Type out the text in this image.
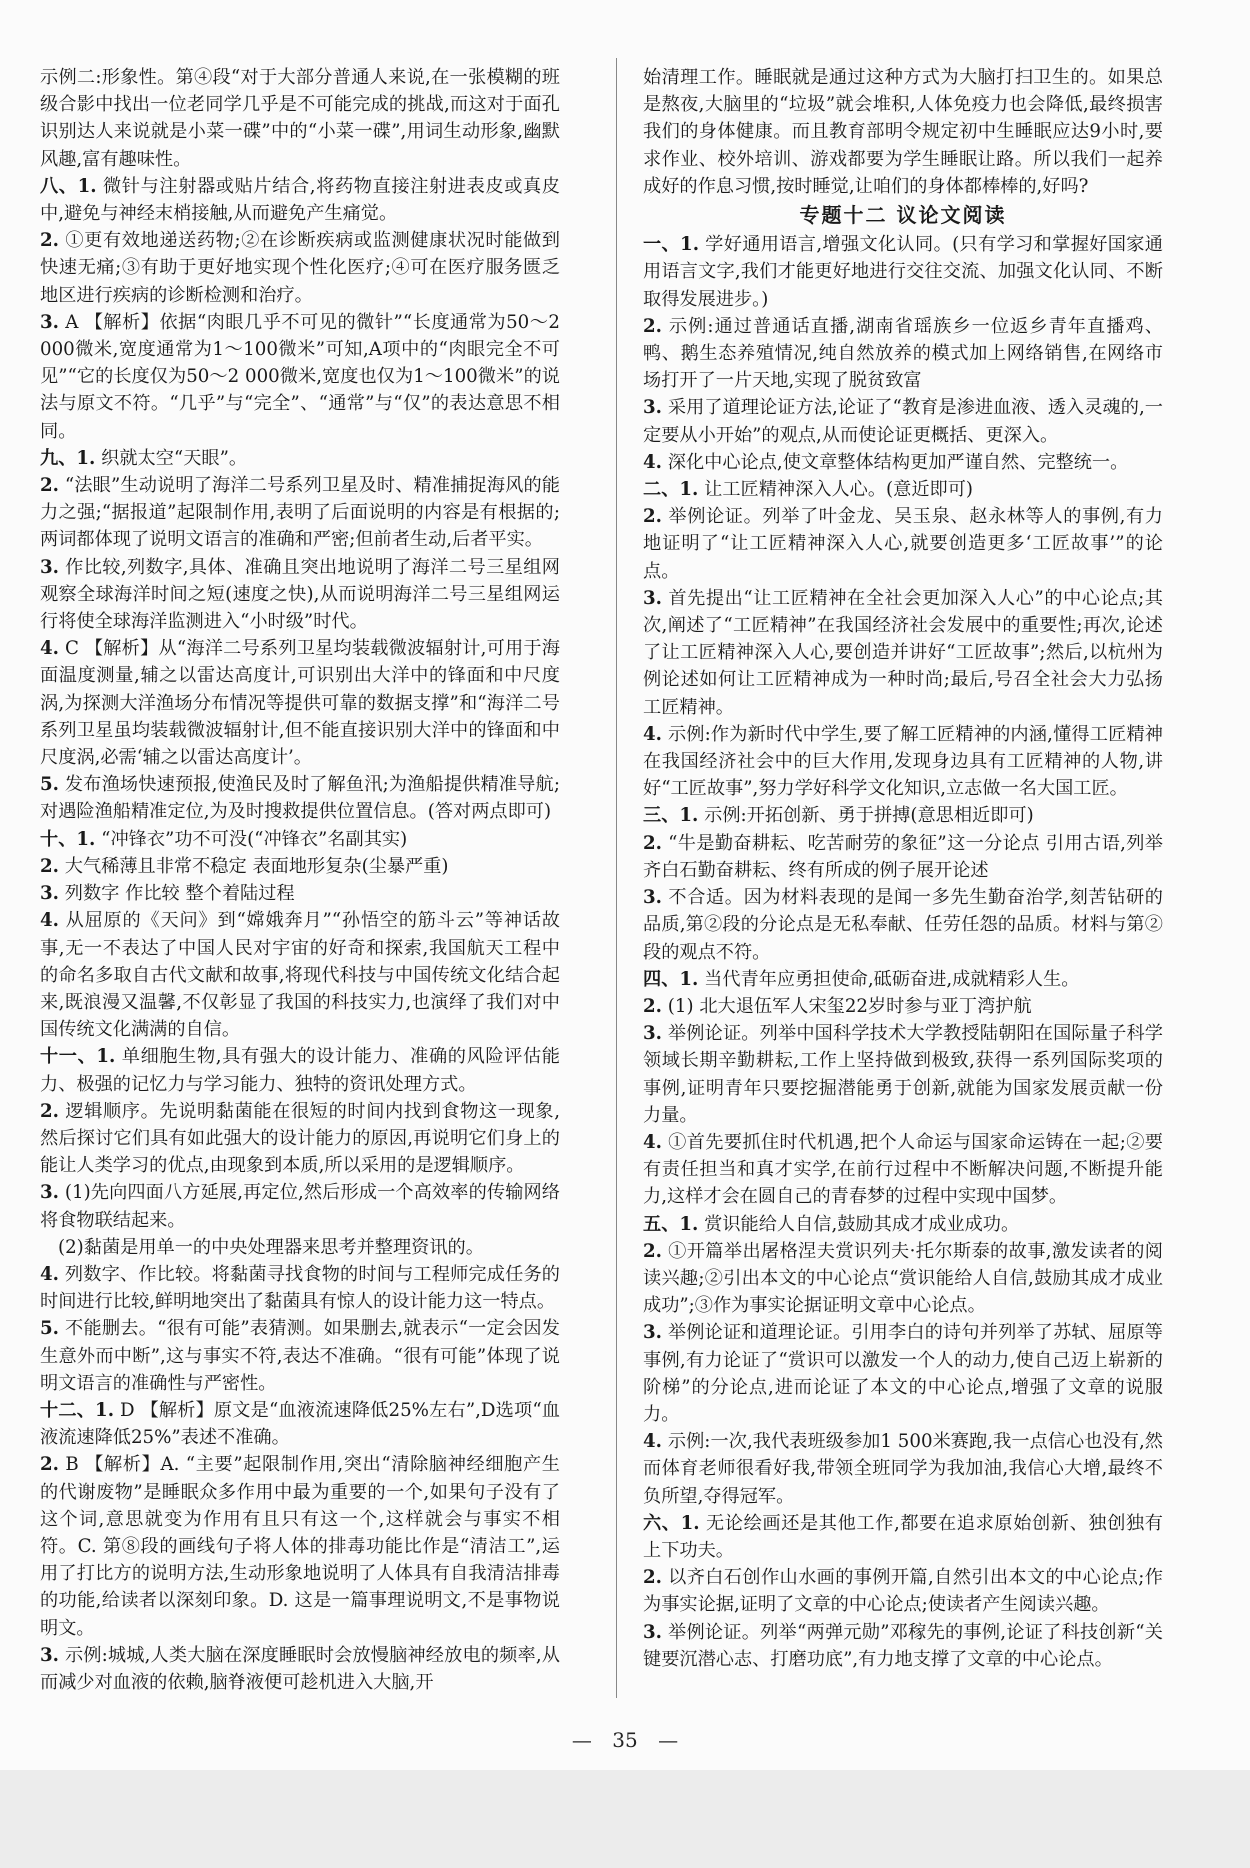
示例二:形象性。第④段“对于大部分普通人来说,在一张模糊的班级合影中找出一位老同学几乎是不可能完成的挑战,而这对于面孔识别达人来说就是小菜一碟”中的“小菜一碟”,用词生动形象,幽默风趣,富有趣味性。

八、1. 微针与注射器或贴片结合,将药物直接注射进表皮或真皮中,避免与神经末梢接触,从而避免产生痛觉。

2. ①更有效地递送药物;②在诊断疾病或监测健康状况时能做到快速无痛;③有助于更好地实现个性化医疗;④可在医疗服务匮乏地区进行疾病的诊断检测和治疗。

3. A 【解析】依据“肉眼几乎不可见的微针”“长度通常为50～2 000微米,宽度通常为1～100微米”可知,A项中的“肉眼完全不可见”“它的长度仅为50～2 000微米,宽度也仅为1～100微米”的说法与原文不符。“几乎”与“完全”、“通常”与“仅”的表达意思不相同。

九、1. 织就太空“天眼”。

2. “法眼”生动说明了海洋二号系列卫星及时、精准捕捉海风的能力之强;“据报道”起限制作用,表明了后面说明的内容是有根据的;两词都体现了说明文语言的准确和严密;但前者生动,后者平实。

3. 作比较,列数字,具体、准确且突出地说明了海洋二号三星组网观察全球海洋时间之短(速度之快),从而说明海洋二号三星组网运行将使全球海洋监测进入“小时级”时代。

4. C 【解析】从“海洋二号系列卫星均装载微波辐射计,可用于海面温度测量,辅之以雷达高度计,可识别出大洋中的锋面和中尺度涡,为探测大洋渔场分布情况等提供可靠的数据支撑”和“海洋二号系列卫星虽均装载微波辐射计,但不能直接识别大洋中的锋面和中尺度涡,必需‘辅之以雷达高度计’。

5. 发布渔场快速预报,使渔民及时了解鱼汛;为渔船提供精准导航;对遇险渔船精准定位,为及时搜救提供位置信息。(答对两点即可)

十、1. “冲锋衣”功不可没(“冲锋衣”名副其实)

2. 大气稀薄且非常不稳定 表面地形复杂(尘暴严重)

3. 列数字 作比较 整个着陆过程

4. 从屈原的《天问》到“嫦娥奔月”“孙悟空的筋斗云”等神话故事,无一不表达了中国人民对宇宙的好奇和探索,我国航天工程中的命名多取自古代文献和故事,将现代科技与中国传统文化结合起来,既浪漫又温馨,不仅彰显了我国的科技实力,也演绎了我们对中国传统文化满满的自信。

十一、1. 单细胞生物,具有强大的设计能力、准确的风险评估能力、极强的记忆力与学习能力、独特的资讯处理方式。

2. 逻辑顺序。先说明黏菌能在很短的时间内找到食物这一现象,然后探讨它们具有如此强大的设计能力的原因,再说明它们身上的能让人类学习的优点,由现象到本质,所以采用的是逻辑顺序。

3. (1)先向四面八方延展,再定位,然后形成一个高效率的传输网络将食物联结起来。

(2)黏菌是用单一的中央处理器来思考并整理资讯的。

4. 列数字、作比较。将黏菌寻找食物的时间与工程师完成任务的时间进行比较,鲜明地突出了黏菌具有惊人的设计能力这一特点。

5. 不能删去。“很有可能”表猜测。如果删去,就表示“一定会因发生意外而中断”,这与事实不符,表达不准确。“很有可能”体现了说明文语言的准确性与严密性。

十二、1. D 【解析】原文是“血液流速降低25%左右”,D选项“血液流速降低25%”表述不准确。

2. B 【解析】A. “主要”起限制作用,突出“清除脑神经细胞产生的代谢废物”是睡眠众多作用中最为重要的一个,如果句子没有了这个词,意思就变为作用有且只有这一个,这样就会与事实不相符。C. 第⑧段的画线句子将人体的排毒功能比作是“清洁工”,运用了打比方的说明方法,生动形象地说明了人体具有自我清洁排毒的功能,给读者以深刻印象。D. 这是一篇事理说明文,不是事物说明文。

3. 示例:城城,人类大脑在深度睡眠时会放慢脑神经放电的频率,从而减少对血液的依赖,脑脊液便可趁机进入大脑,开

始清理工作。睡眠就是通过这种方式为大脑打扫卫生的。如果总是熬夜,大脑里的“垃圾”就会堆积,人体免疫力也会降低,最终损害我们的身体健康。而且教育部明令规定初中生睡眠应达9小时,要求作业、校外培训、游戏都要为学生睡眠让路。所以我们一起养成好的作息习惯,按时睡觉,让咱们的身体都棒棒的,好吗?

专题十二 议论文阅读

一、1. 学好通用语言,增强文化认同。(只有学习和掌握好国家通用语言文字,我们才能更好地进行交往交流、加强文化认同、不断取得发展进步。)

2. 示例:通过普通话直播,湖南省瑶族乡一位返乡青年直播鸡、鸭、鹅生态养殖情况,纯自然放养的模式加上网络销售,在网络市场打开了一片天地,实现了脱贫致富

3. 采用了道理论证方法,论证了“教育是渗进血液、透入灵魂的,一定要从小开始”的观点,从而使论证更概括、更深入。

4. 深化中心论点,使文章整体结构更加严谨自然、完整统一。

二、1. 让工匠精神深入人心。(意近即可)

2. 举例论证。列举了叶金龙、吴玉泉、赵永林等人的事例,有力地证明了“让工匠精神深入人心,就要创造更多‘工匠故事’”的论点。

3. 首先提出“让工匠精神在全社会更加深入人心”的中心论点;其次,阐述了“工匠精神”在我国经济社会发展中的重要性;再次,论述了让工匠精神深入人心,要创造并讲好“工匠故事”;然后,以杭州为例论述如何让工匠精神成为一种时尚;最后,号召全社会大力弘扬工匠精神。

4. 示例:作为新时代中学生,要了解工匠精神的内涵,懂得工匠精神在我国经济社会中的巨大作用,发现身边具有工匠精神的人物,讲好“工匠故事”,努力学好科学文化知识,立志做一名大国工匠。

三、1. 示例:开拓创新、勇于拼搏(意思相近即可)

2. “牛是勤奋耕耘、吃苦耐劳的象征”这一分论点 引用古语,列举齐白石勤奋耕耘、终有所成的例子展开论述

3. 不合适。因为材料表现的是闻一多先生勤奋治学,刻苦钻研的品质,第②段的分论点是无私奉献、任劳任怨的品质。材料与第②段的观点不符。

四、1. 当代青年应勇担使命,砥砺奋进,成就精彩人生。

2. (1) 北大退伍军人宋玺22岁时参与亚丁湾护航

3. 举例论证。列举中国科学技术大学教授陆朝阳在国际量子科学领域长期辛勤耕耘,工作上坚持做到极致,获得一系列国际奖项的事例,证明青年只要挖掘潜能勇于创新,就能为国家发展贡献一份力量。

4. ①首先要抓住时代机遇,把个人命运与国家命运铸在一起;②要有责任担当和真才实学,在前行过程中不断解决问题,不断提升能力,这样才会在圆自己的青春梦的过程中实现中国梦。

五、1. 赏识能给人自信,鼓励其成才成业成功。

2. ①开篇举出屠格涅夫赏识列夫·托尔斯泰的故事,激发读者的阅读兴趣;②引出本文的中心论点“赏识能给人自信,鼓励其成才成业成功”;③作为事实论据证明文章中心论点。

3. 举例论证和道理论证。引用李白的诗句并列举了苏轼、屈原等事例,有力论证了“赏识可以激发一个人的动力,使自己迈上崭新的阶梯”的分论点,进而论证了本文的中心论点,增强了文章的说服力。

4. 示例:一次,我代表班级参加1 500米赛跑,我一点信心也没有,然而体育老师很看好我,带领全班同学为我加油,我信心大增,最终不负所望,夺得冠军。

六、1. 无论绘画还是其他工作,都要在追求原始创新、独创独有上下功夫。

2. 以齐白石创作山水画的事例开篇,自然引出本文的中心论点;作为事实论据,证明了文章的中心论点;使读者产生阅读兴趣。

3. 举例论证。列举“两弹元勋”邓稼先的事例,论证了科技创新“关键要沉潜心志、打磨功底”,有力地支撑了文章的中心论点。

— 35 —
